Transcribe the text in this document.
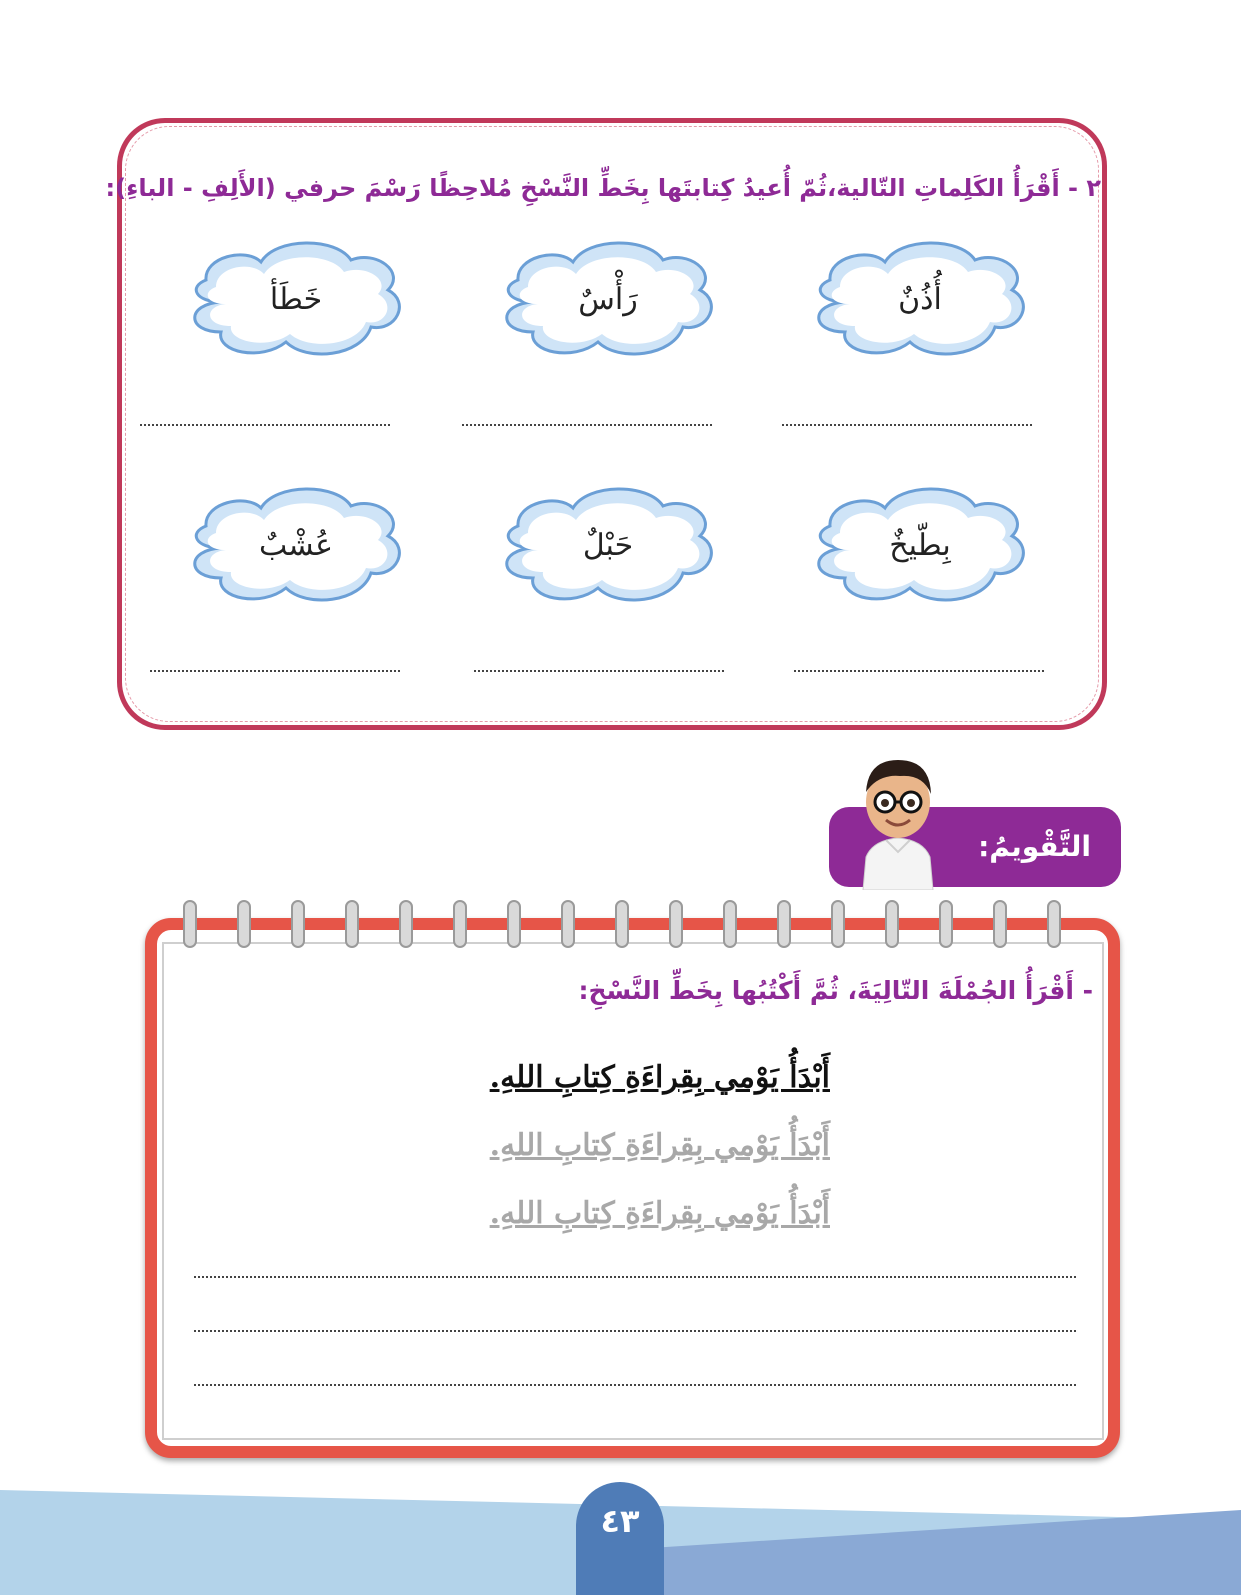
٢ - أَقْرَأُ الكَلِماتِ التّالية،ثُمّ أُعيدُ كِتابتَها بِخَطِّ النَّسْخِ مُلاحِظًا رَسْمَ حرفي (الأَلِفِ - الباءِ):
أُذُنٌ
رَأْسٌ
خَطَأ
بِطّيخٌ
حَبْلٌ
عُشْبٌ
التَّقْويمُ:
- أَقْرَأُ الجُمْلَةَ التّالِيَةَ، ثُمَّ أَكْتُبُها بِخَطِّ النَّسْخِ:
أَبْدَأُ يَوْمي بِقِراءَةِ كِتابِ اللهِ.
أَبْدَأُ يَوْمي بِقِراءَةِ كِتابِ اللهِ.
أَبْدَأُ يَوْمي بِقِراءَةِ كِتابِ اللهِ.
٤٣
